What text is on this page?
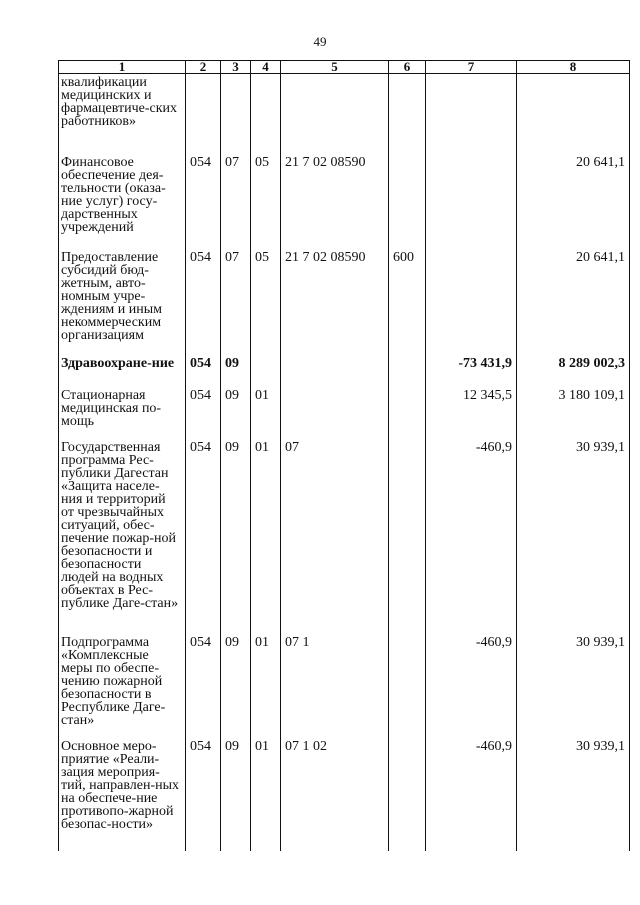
49
1	2	3	4	5	6	7	8
квалификации медицинских и фармацевтиче-ских работников»							
Финансовое обеспечение дея-тельности (оказа-ние услуг) госу-дарственных учреждений	054	07	05	21 7 02 08590			20 641,1
Предоставление субсидий бюд-жетным, авто-номным учре-ждениям и иным некоммерческим организациям	054	07	05	21 7 02 08590	600		20 641,1
Здравоохране-ние	054	09				-73 431,9	8 289 002,3
Стационарная медицинская по-мощь	054	09	01			12 345,5	3 180 109,1
Государственная программа Рес-публики Дагестан «Защита населе-ния и территорий от чрезвычайных ситуаций, обес-печение пожар-ной безопасности и безопасности людей на водных объектах в Рес-публике Даге-стан»	054	09	01	07		-460,9	30 939,1
Подпрограмма «Комплексные меры по обеспе-чению пожарной безопасности в Республике Даге-стан»	054	09	01	07 1		-460,9	30 939,1
Основное меро-приятие «Реали-зация мероприя-тий, направлен-ных на обеспече-ние противопо-жарной безопас-ности»	054	09	01	07 1 02		-460,9	30 939,1
